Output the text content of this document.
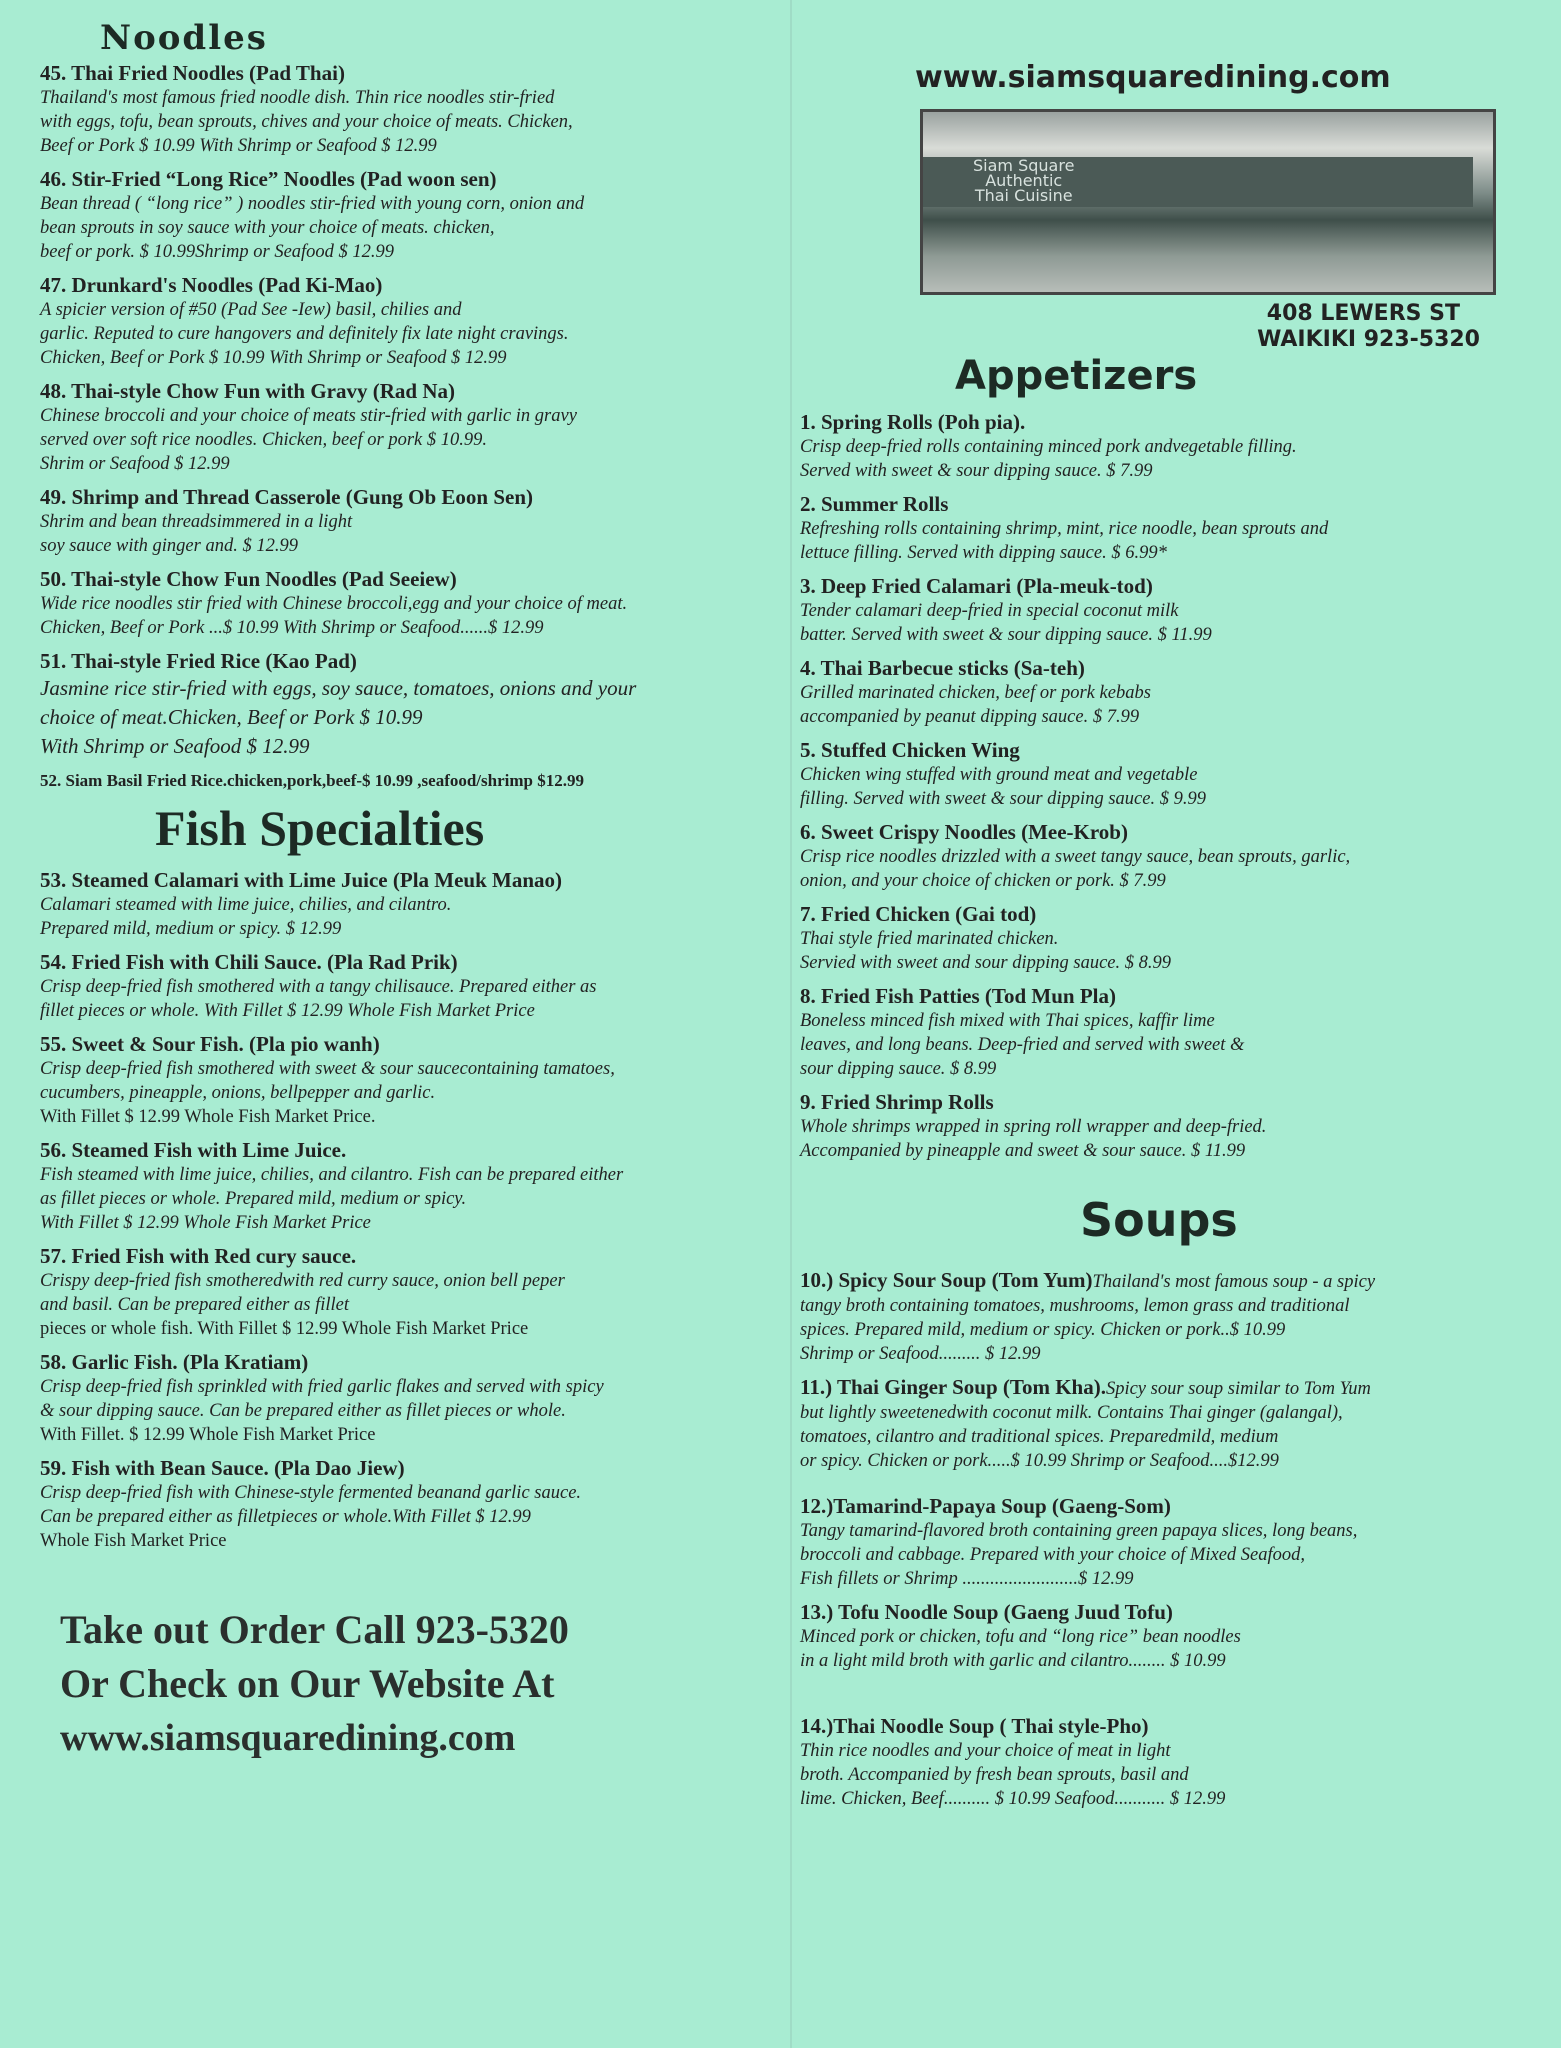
Noodles
45. Thai Fried Noodles (Pad Thai)
Thailand's most famous fried noodle dish. Thin rice noodles stir-fried
with eggs, tofu, bean sprouts, chives and your choice of meats. Chicken,
Beef or Pork $ 10.99 With Shrimp or Seafood $ 12.99
46. Stir-Fried “Long Rice” Noodles (Pad woon sen)
Bean thread ( “long rice” ) noodles stir-fried with young corn, onion and
bean sprouts in soy sauce with your choice of meats. chicken,
beef or pork. $ 10.99Shrimp or Seafood $ 12.99
47. Drunkard's Noodles (Pad Ki-Mao)
A spicier version of #50 (Pad See -Iew) basil, chilies and
garlic. Reputed to cure hangovers and definitely fix late night cravings.
Chicken, Beef or Pork $ 10.99 With Shrimp or Seafood $ 12.99
48. Thai-style Chow Fun with Gravy (Rad Na)
Chinese broccoli and your choice of meats stir-fried with garlic in gravy
served over soft rice noodles. Chicken, beef or pork $ 10.99.
Shrim or Seafood $ 12.99
49. Shrimp and Thread Casserole (Gung Ob Eoon Sen)
Shrim and bean threadsimmered in a light
soy sauce with ginger and. $ 12.99
50. Thai-style Chow Fun Noodles (Pad Seeiew)
Wide rice noodles stir fried with Chinese broccoli,egg and your choice of meat.
Chicken, Beef or Pork ...$ 10.99 With Shrimp or Seafood......$ 12.99
51. Thai-style Fried Rice (Kao Pad)
Jasmine rice stir-fried with eggs, soy sauce, tomatoes, onions and your
choice of meat.Chicken, Beef or Pork $ 10.99
With Shrimp or Seafood $ 12.99
52. Siam Basil Fried Rice.chicken,pork,beef-$ 10.99 ,seafood/shrimp $12.99
Fish Specialties
53. Steamed Calamari with Lime Juice (Pla Meuk Manao)
Calamari steamed with lime juice, chilies, and cilantro.
Prepared mild, medium or spicy. $ 12.99
54. Fried Fish with Chili Sauce. (Pla Rad Prik)
Crisp deep-fried fish smothered with a tangy chilisauce. Prepared either as
fillet pieces or whole. With Fillet $ 12.99 Whole Fish Market Price
55. Sweet & Sour Fish. (Pla pio wanh)
Crisp deep-fried fish smothered with sweet & sour saucecontaining tamatoes,
cucumbers, pineapple, onions, bellpepper and garlic.
With Fillet $ 12.99 Whole Fish Market Price.
56. Steamed Fish with Lime Juice.
Fish steamed with lime juice, chilies, and cilantro. Fish can be prepared either
as fillet pieces or whole. Prepared mild, medium or spicy.
With Fillet $ 12.99 Whole Fish Market Price
57. Fried Fish with Red cury sauce.
Crispy deep-fried fish smotheredwith red curry sauce, onion bell peper
and basil. Can be prepared either as fillet
pieces or whole fish. With Fillet $ 12.99 Whole Fish Market Price
58. Garlic Fish. (Pla Kratiam)
Crisp deep-fried fish sprinkled with fried garlic flakes and served with spicy
& sour dipping sauce. Can be prepared either as fillet pieces or whole.
With Fillet. $ 12.99 Whole Fish Market Price
59. Fish with Bean Sauce. (Pla Dao Jiew)
Crisp deep-fried fish with Chinese-style fermented beanand garlic sauce.
Can be prepared either as filletpieces or whole.With Fillet $ 12.99
Whole Fish Market Price
Take out Order Call 923-5320
Or Check on Our Website At
www.siamsquaredining.com
www.siamsquaredining.com
Siam Square
Authentic
Thai Cuisine
408 LEWERS ST
WAIKIKI 923-5320
Appetizers
1. Spring Rolls (Poh pia).
Crisp deep-fried rolls containing minced pork andvegetable filling.
Served with sweet & sour dipping sauce. $ 7.99
2. Summer Rolls
Refreshing rolls containing shrimp, mint, rice noodle, bean sprouts and
lettuce filling. Served with dipping sauce. $ 6.99*
3. Deep Fried Calamari (Pla-meuk-tod)
Tender calamari deep-fried in special coconut milk
batter. Served with sweet & sour dipping sauce. $ 11.99
4. Thai Barbecue sticks (Sa-teh)
Grilled marinated chicken, beef or pork kebabs
accompanied by peanut dipping sauce. $ 7.99
5. Stuffed Chicken Wing
Chicken wing stuffed with ground meat and vegetable
filling. Served with sweet & sour dipping sauce. $ 9.99
6. Sweet Crispy Noodles (Mee-Krob)
Crisp rice noodles drizzled with a sweet tangy sauce, bean sprouts, garlic,
onion, and your choice of chicken or pork. $ 7.99
7. Fried Chicken (Gai tod)
Thai style fried marinated chicken.
Servied with sweet and sour dipping sauce. $ 8.99
8. Fried Fish Patties (Tod Mun Pla)
Boneless minced fish mixed with Thai spices, kaffir lime
leaves, and long beans. Deep-fried and served with sweet &
sour dipping sauce. $ 8.99
9. Fried Shrimp Rolls
Whole shrimps wrapped in spring roll wrapper and deep-fried.
Accompanied by pineapple and sweet & sour sauce. $ 11.99
Soups
10.) Spicy Sour Soup (Tom Yum)Thailand's most famous soup - a spicy
tangy broth containing tomatoes, mushrooms, lemon grass and traditional
spices. Prepared mild, medium or spicy. Chicken or pork..$ 10.99
Shrimp or Seafood......... $ 12.99
11.) Thai Ginger Soup (Tom Kha).Spicy sour soup similar to Tom Yum
but lightly sweetenedwith coconut milk. Contains Thai ginger (galangal),
tomatoes, cilantro and traditional spices. Preparedmild, medium
or spicy. Chicken or pork.....$ 10.99 Shrimp or Seafood....$12.99
12.)Tamarind-Papaya Soup (Gaeng-Som)
Tangy tamarind-flavored broth containing green papaya slices, long beans,
broccoli and cabbage. Prepared with your choice of Mixed Seafood,
Fish fillets or Shrimp .........................$ 12.99
13.) Tofu Noodle Soup (Gaeng Juud Tofu)
Minced pork or chicken, tofu and “long rice” bean noodles
in a light mild broth with garlic and cilantro........ $ 10.99
14.)Thai Noodle Soup ( Thai style-Pho)
Thin rice noodles and your choice of meat in light
broth. Accompanied by fresh bean sprouts, basil and
lime. Chicken, Beef.......... $ 10.99 Seafood........... $ 12.99
